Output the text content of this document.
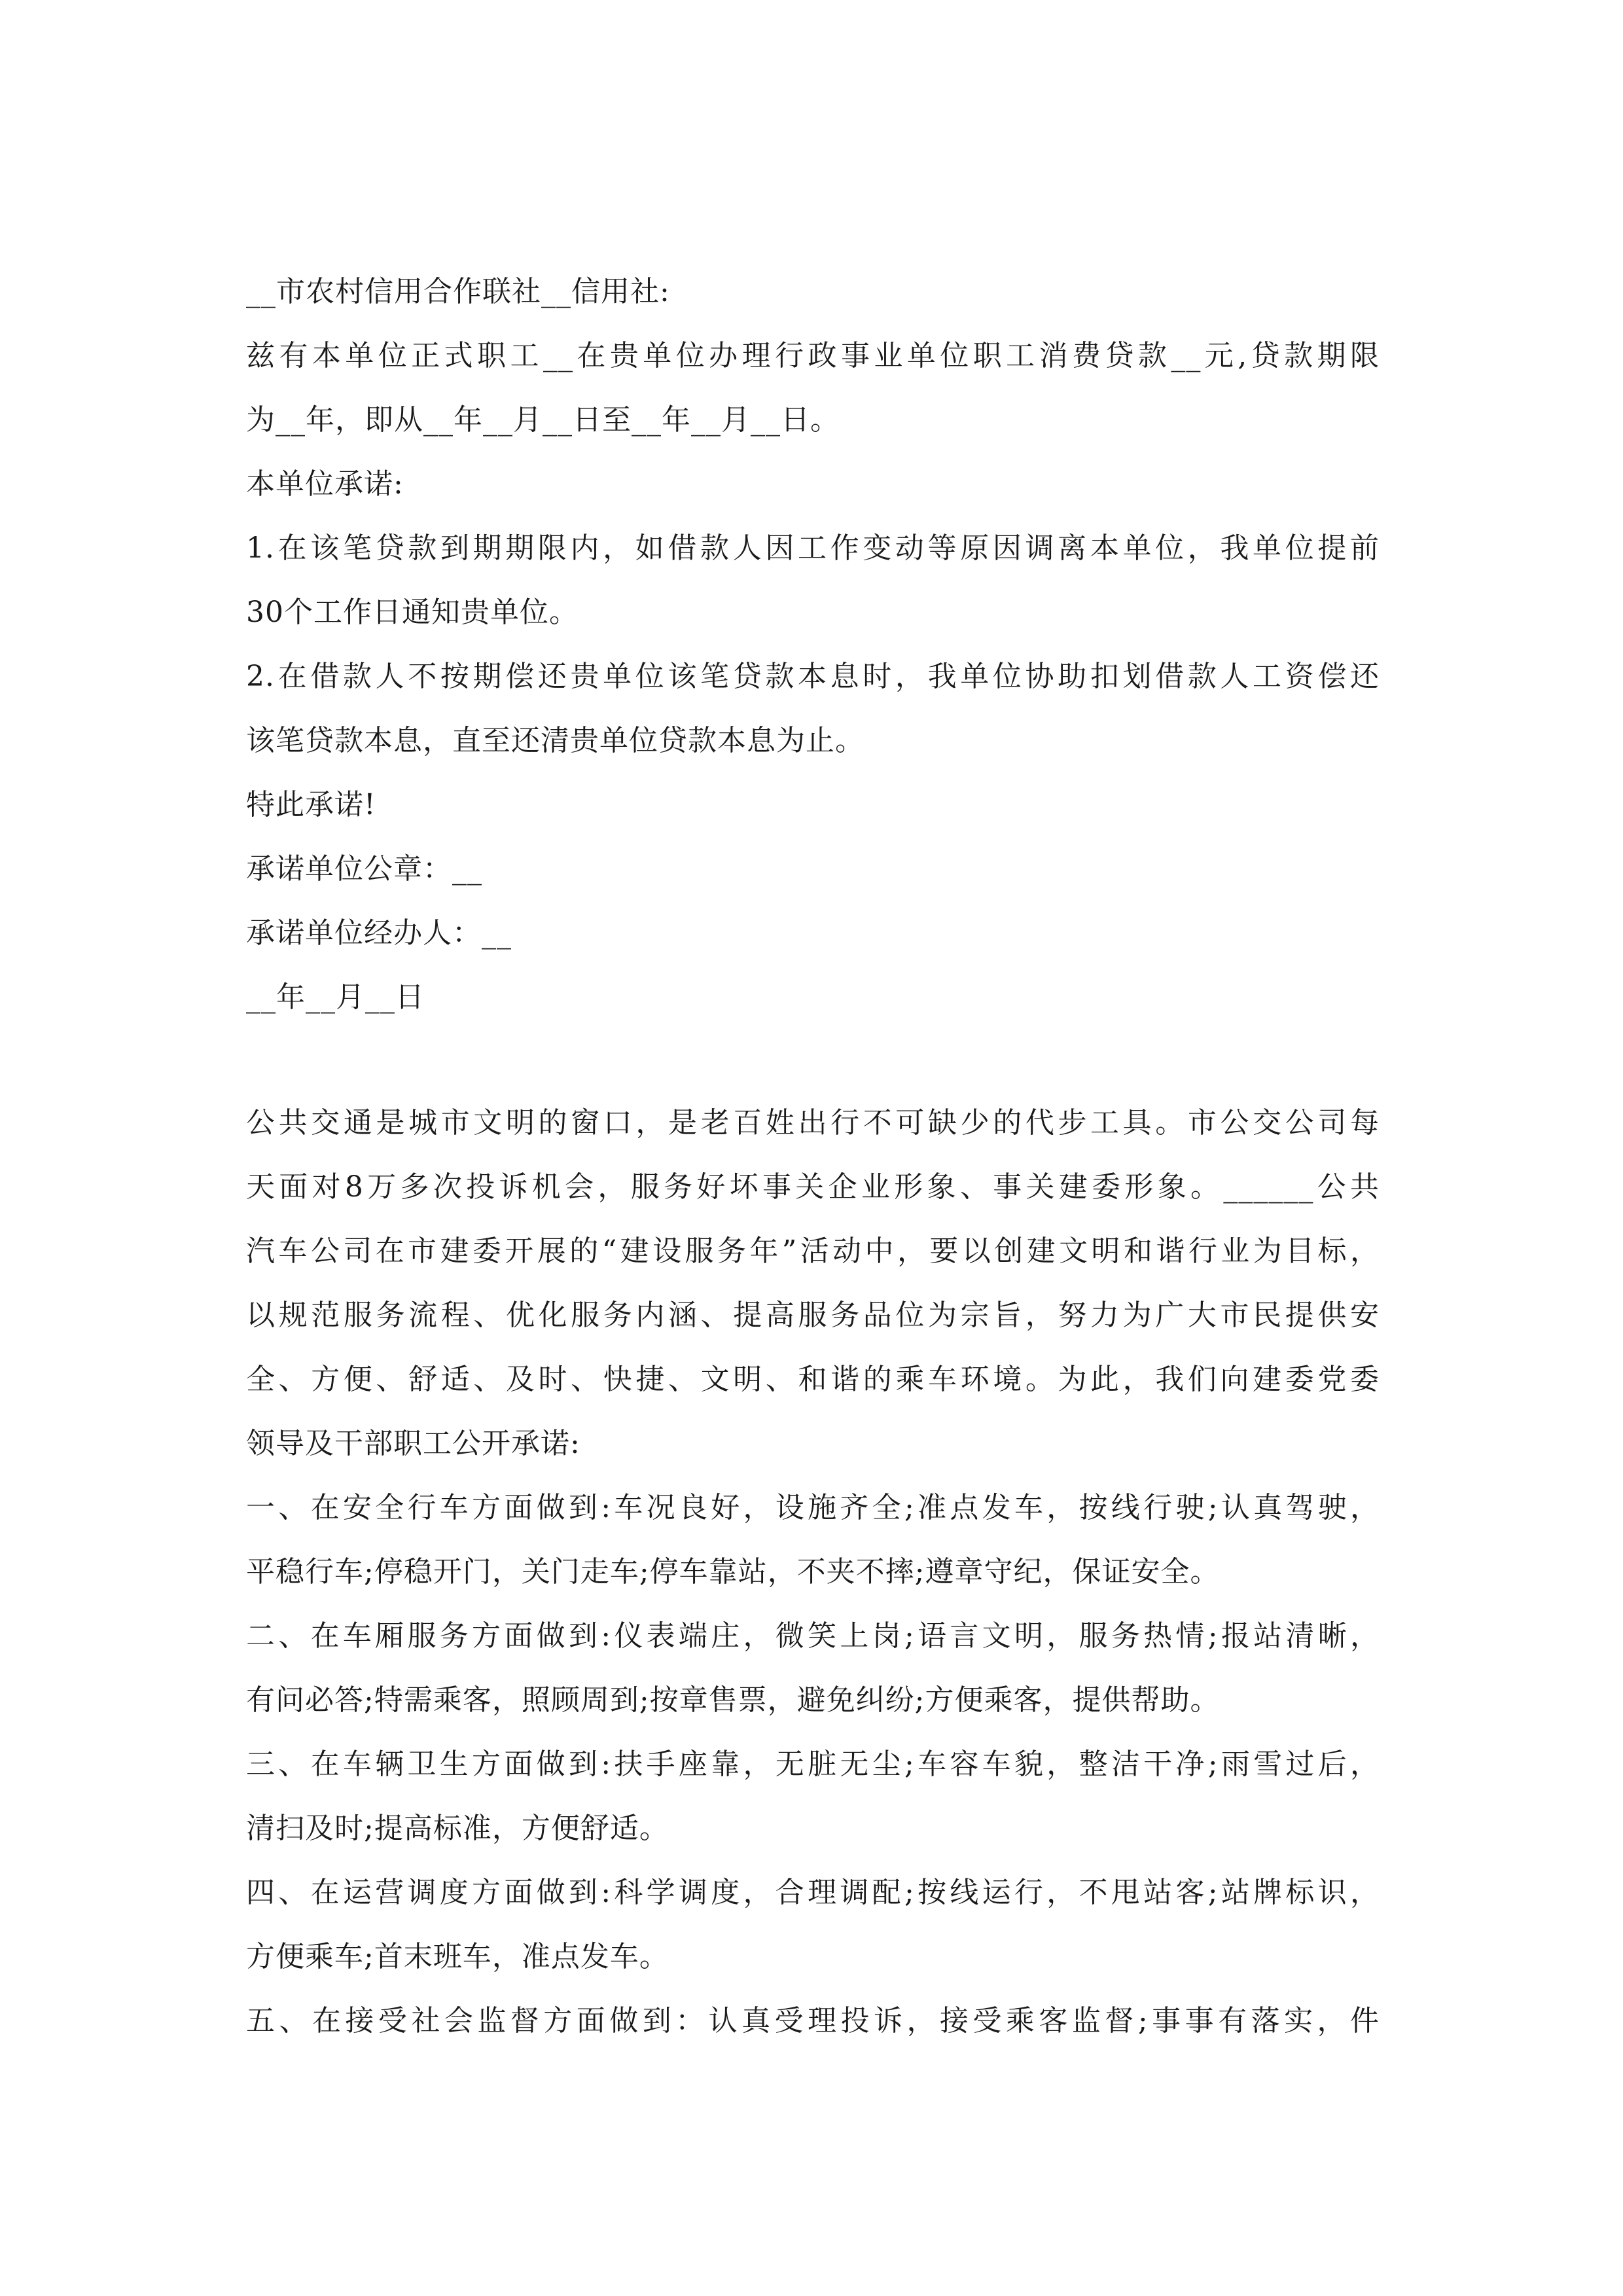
__市农村信用合作联社__信用社:
兹有本单位正式职工__在贵单位办理行政事业单位职工消费贷款__元,贷款期限
为__年，即从__年__月__日至__年__月__日。
本单位承诺:
1.在该笔贷款到期期限内，如借款人因工作变动等原因调离本单位，我单位提前
30个工作日通知贵单位。
2.在借款人不按期偿还贵单位该笔贷款本息时，我单位协助扣划借款人工资偿还
该笔贷款本息，直至还清贵单位贷款本息为止。
特此承诺!
承诺单位公章：__
承诺单位经办人：__
__年__月__日
公共交通是城市文明的窗口，是老百姓出行不可缺少的代步工具。市公交公司每
天面对8万多次投诉机会，服务好坏事关企业形象、事关建委形象。______公共
汽车公司在市建委开展的“建设服务年”活动中，要以创建文明和谐行业为目标，
以规范服务流程、优化服务内涵、提高服务品位为宗旨，努力为广大市民提供安
全、方便、舒适、及时、快捷、文明、和谐的乘车环境。为此，我们向建委党委
领导及干部职工公开承诺:
一、在安全行车方面做到:车况良好，设施齐全;准点发车，按线行驶;认真驾驶，
平稳行车;停稳开门，关门走车;停车靠站，不夹不摔;遵章守纪，保证安全。
二、在车厢服务方面做到:仪表端庄，微笑上岗;语言文明，服务热情;报站清晰，
有问必答;特需乘客，照顾周到;按章售票，避免纠纷;方便乘客，提供帮助。
三、在车辆卫生方面做到:扶手座靠，无脏无尘;车容车貌，整洁干净;雨雪过后，
清扫及时;提高标准，方便舒适。
四、在运营调度方面做到:科学调度，合理调配;按线运行，不甩站客;站牌标识，
方便乘车;首末班车，准点发车。
五、在接受社会监督方面做到：认真受理投诉，接受乘客监督;事事有落实，件
